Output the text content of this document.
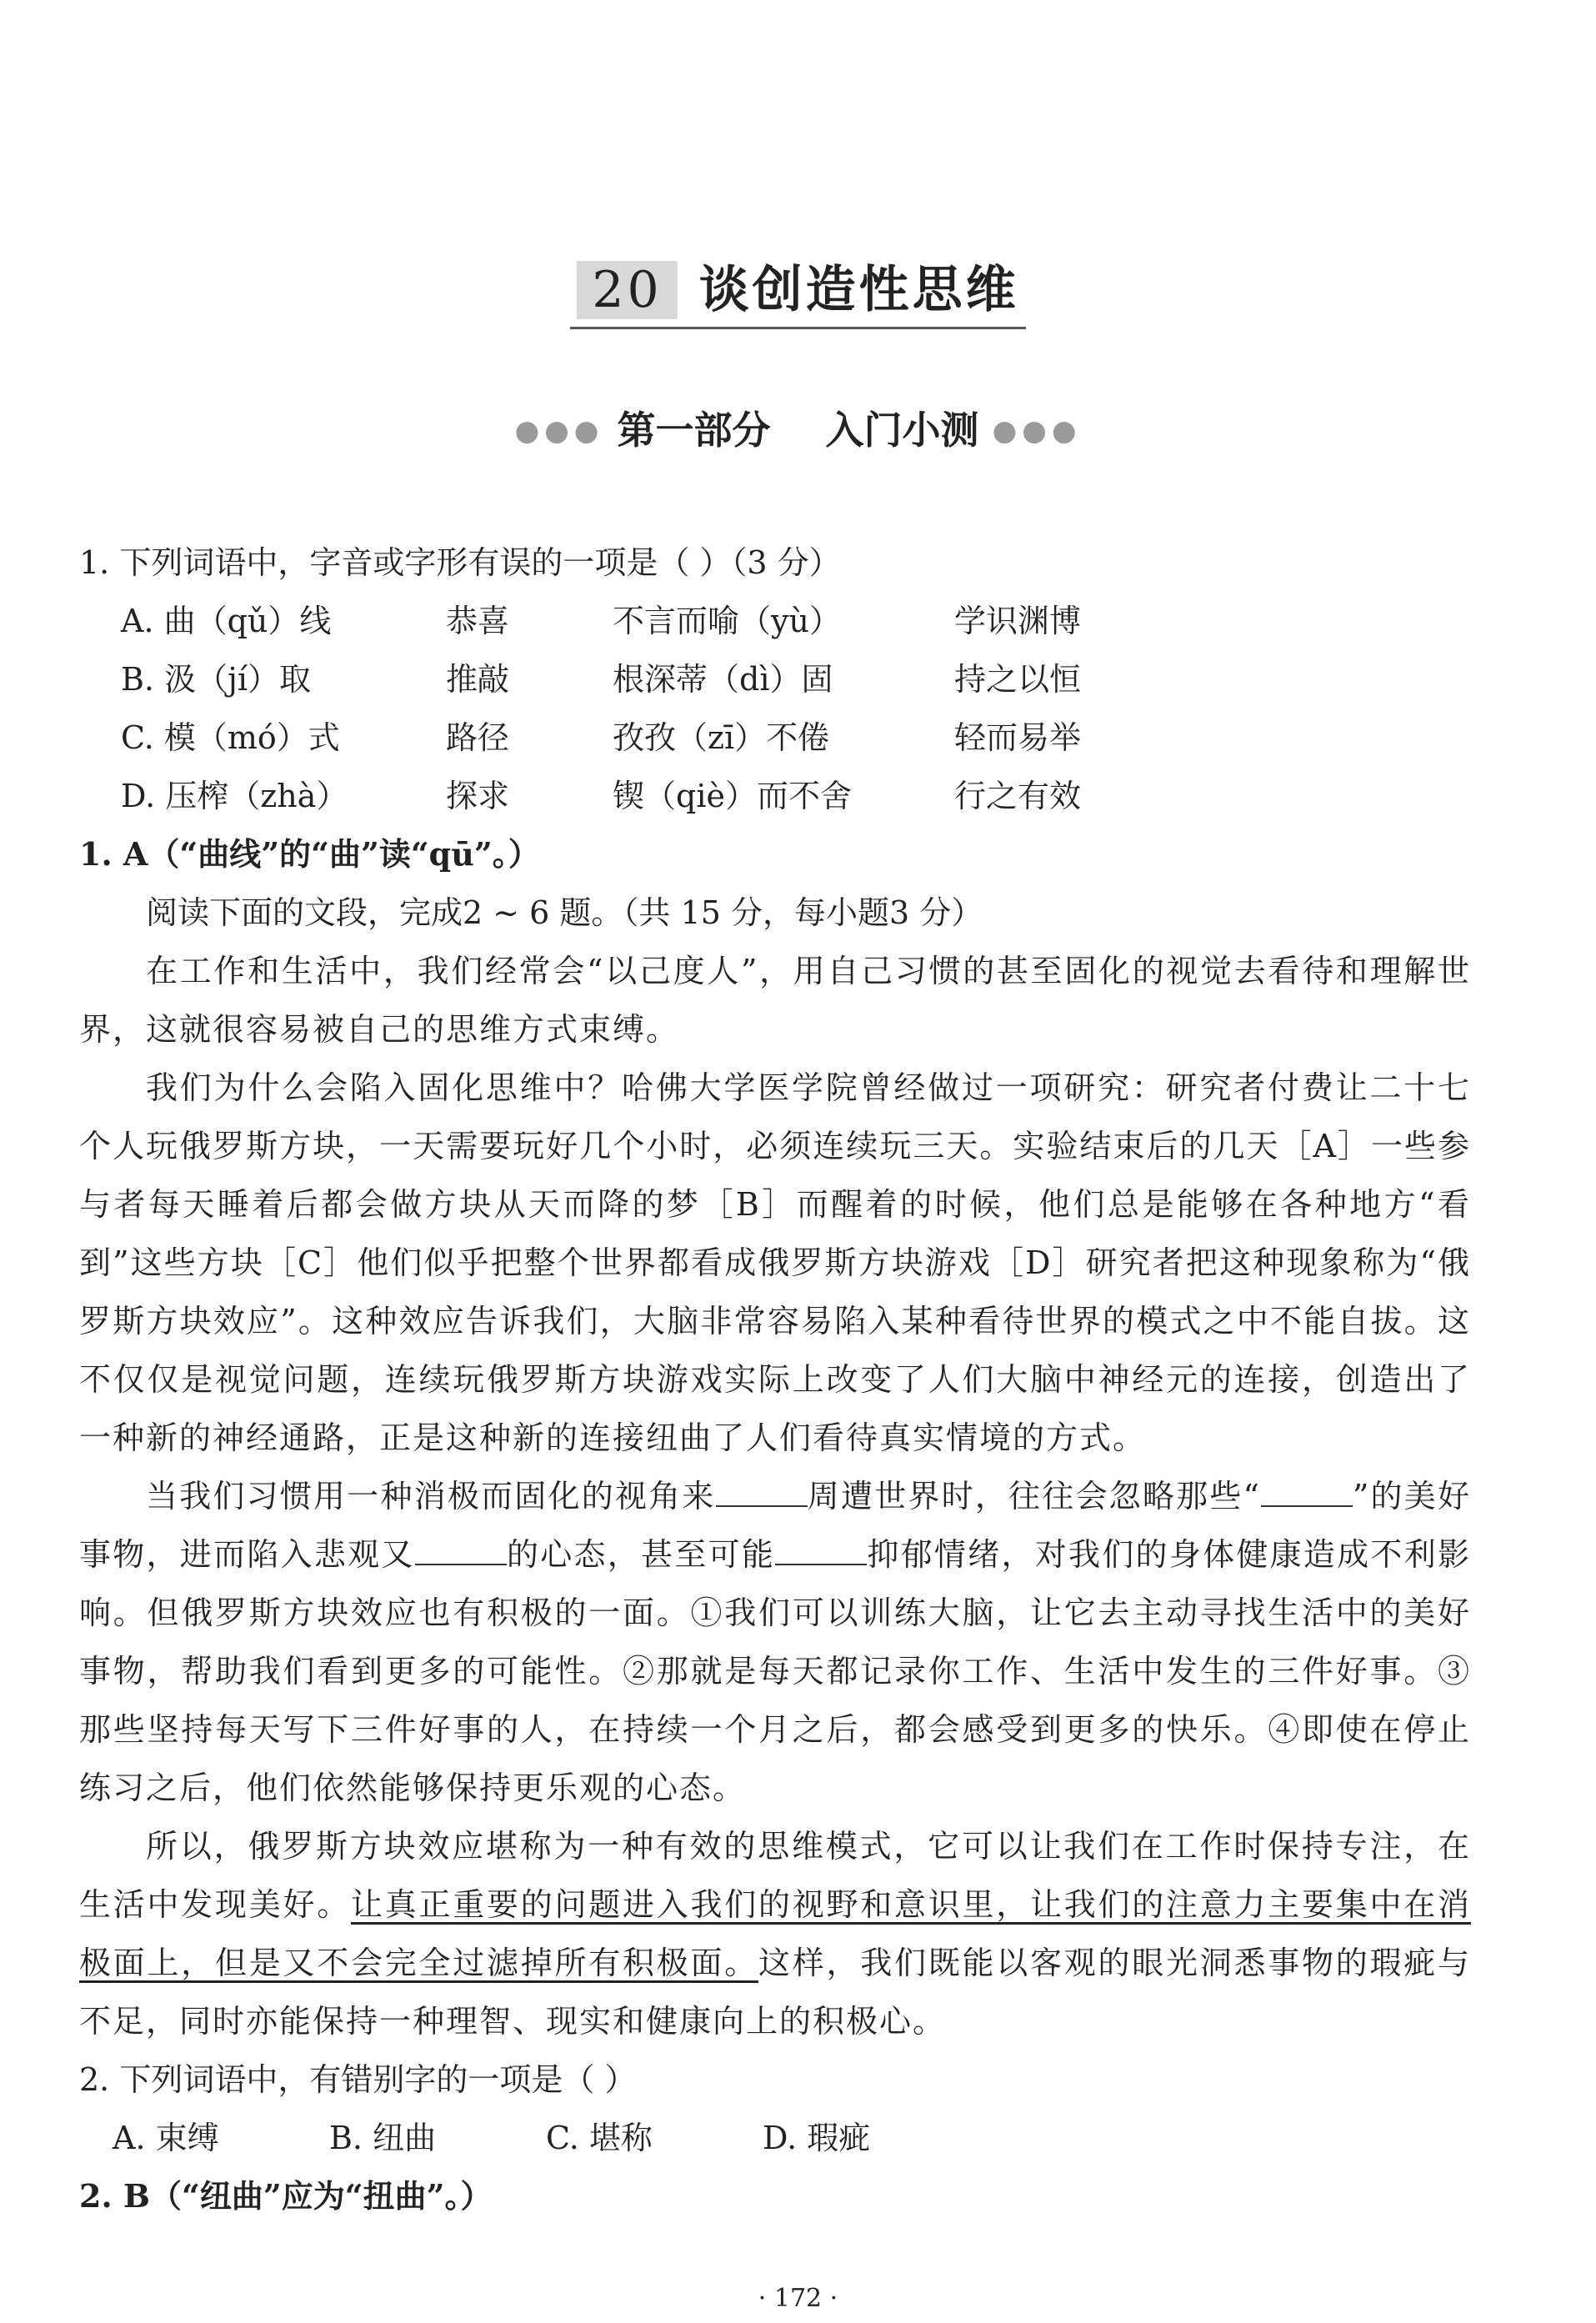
20 谈创造性思维
●●● 第一部分 入门小测 ●●●
1. 下列词语中，字音或字形有误的一项是（ ）（3 分）
A. 曲（qǔ）线	恭喜	不言而喻（yù）	学识渊博
B. 汲（jí）取	推敲	根深蒂（dì）固	持之以恒
C. 模（mó）式	路径	孜孜（zī）不倦	轻而易举
D. 压榨（zhà）	探求	锲（qiè）而不舍	行之有效
1. A（“曲线”的“曲”读“qū”。）
阅读下面的文段，完成2 ~ 6 题。（共 15 分，每小题3 分）
在工作和生活中，我们经常会“以己度人”，用自己习惯的甚至固化的视觉去看待和理解世界，这就很容易被自己的思维方式束缚。
我们为什么会陷入固化思维中？哈佛大学医学院曾经做过一项研究：研究者付费让二十七个人玩俄罗斯方块，一天需要玩好几个小时，必须连续玩三天。实验结束后的几天［A］一些参与者每天睡着后都会做方块从天而降的梦［B］而醒着的时候，他们总是能够在各种地方“看到”这些方块［C］他们似乎把整个世界都看成俄罗斯方块游戏［D］研究者把这种现象称为“俄罗斯方块效应”。这种效应告诉我们，大脑非常容易陷入某种看待世界的模式之中不能自拔。这不仅仅是视觉问题，连续玩俄罗斯方块游戏实际上改变了人们大脑中神经元的连接，创造出了一种新的神经通路，正是这种新的连接纽曲了人们看待真实情境的方式。
当我们习惯用一种消极而固化的视角来	周遭世界时，往往会忽略那些“	”的美好事物，进而陷入悲观又	的心态，甚至可能	抑郁情绪，对我们的身体健康造成不利影响。但俄罗斯方块效应也有积极的一面。①我们可以训练大脑，让它去主动寻找生活中的美好事物，帮助我们看到更多的可能性。②那就是每天都记录你工作、生活中发生的三件好事。③那些坚持每天写下三件好事的人，在持续一个月之后，都会感受到更多的快乐。④即使在停止练习之后，他们依然能够保持更乐观的心态。
所以，俄罗斯方块效应堪称为一种有效的思维模式，它可以让我们在工作时保持专注，在生活中发现美好。让真正重要的问题进入我们的视野和意识里，让我们的注意力主要集中在消极面上，但是又不会完全过滤掉所有积极面。这样，我们既能以客观的眼光洞悉事物的瑕疵与不足，同时亦能保持一种理智、现实和健康向上的积极心。
2. 下列词语中，有错别字的一项是（ ）
A. 束缚	B. 纽曲	C. 堪称	D. 瑕疵
2. B（“纽曲”应为“扭曲”。）
· 172 ·
